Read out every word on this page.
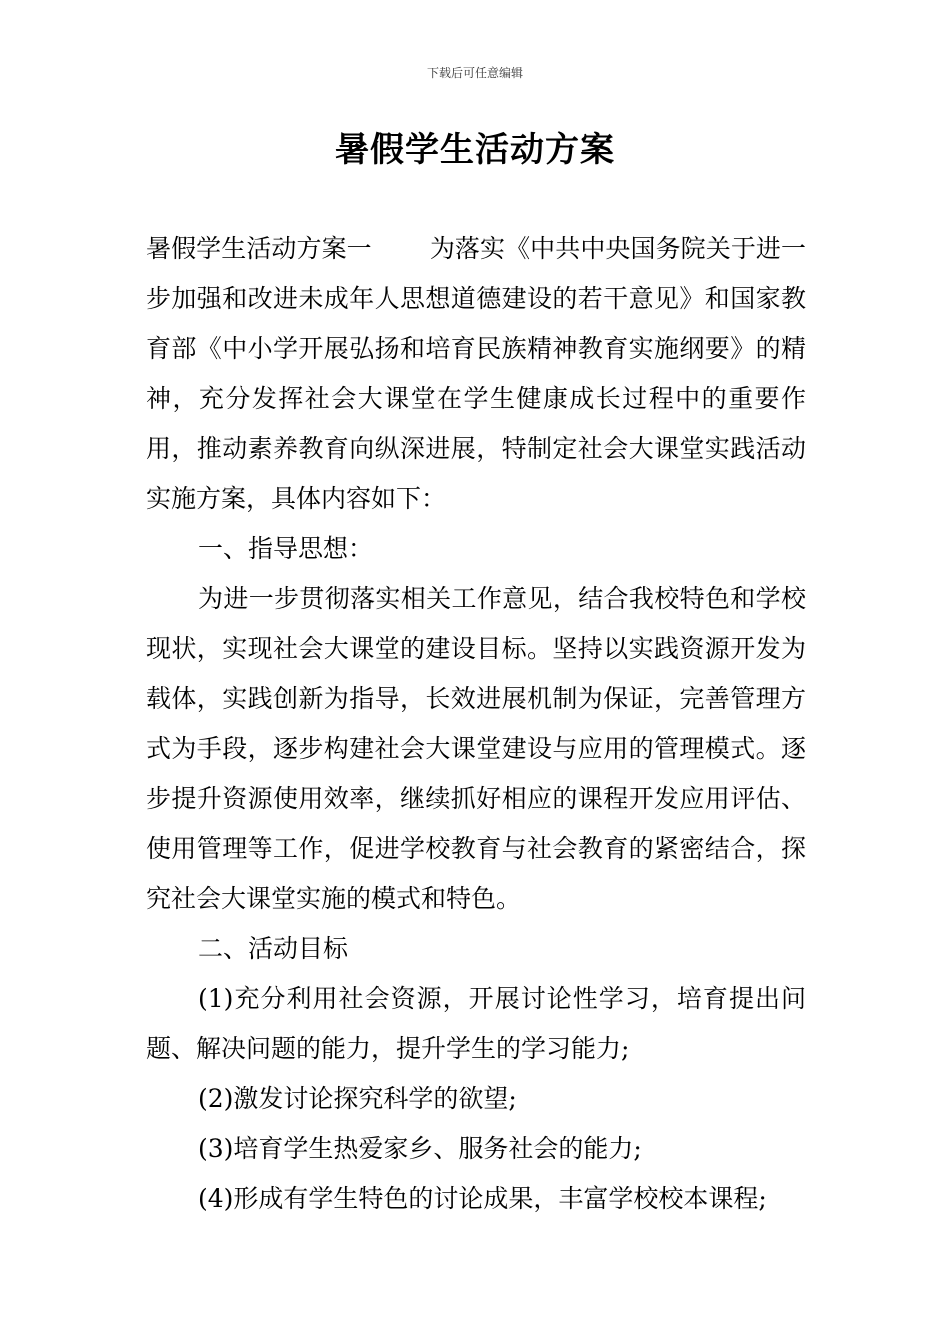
下载后可任意编辑
暑假学生活动方案

暑假学生活动方案一 为落实《中共中央国务院关于进一步加强和改进未成年人思想道德建设的若干意见》和国家教育部《中小学开展弘扬和培育民族精神教育实施纲要》的精神，充分发挥社会大课堂在学生健康成长过程中的重要作用，推动素养教育向纵深进展，特制定社会大课堂实践活动实施方案，具体内容如下：

一、指导思想：

为进一步贯彻落实相关工作意见，结合我校特色和学校现状，实现社会大课堂的建设目标。坚持以实践资源开发为载体，实践创新为指导，长效进展机制为保证，完善管理方式为手段，逐步构建社会大课堂建设与应用的管理模式。逐步提升资源使用效率，继续抓好相应的课程开发应用评估、使用管理等工作，促进学校教育与社会教育的紧密结合，探究社会大课堂实施的模式和特色。

二、活动目标

(1)充分利用社会资源，开展讨论性学习，培育提出问题、解决问题的能力，提升学生的学习能力;

(2)激发讨论探究科学的欲望;

(3)培育学生热爱家乡、服务社会的能力;

(4)形成有学生特色的讨论成果，丰富学校校本课程;
